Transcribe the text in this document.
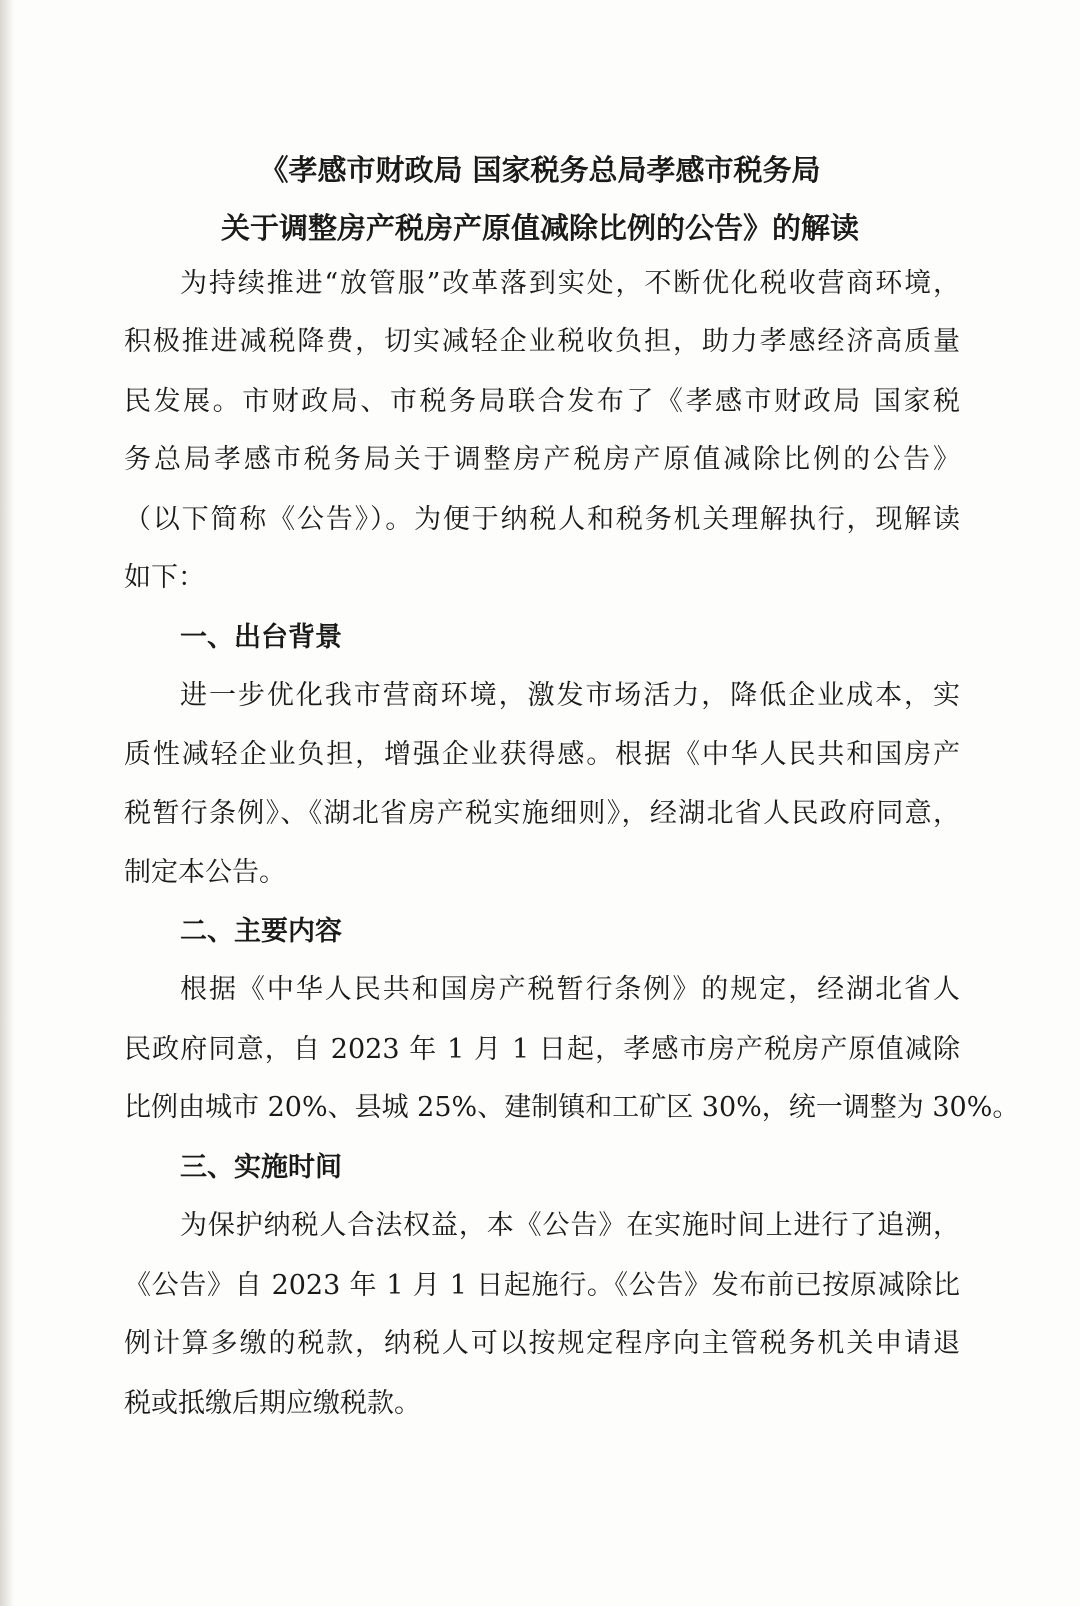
《孝感市财政局 国家税务总局孝感市税务局
关于调整房产税房产原值减除比例的公告》的解读
为持续推进“放管服”改革落到实处，不断优化税收营商环境，
积极推进减税降费，切实减轻企业税收负担，助力孝感经济高质量
民发展。市财政局、市税务局联合发布了《孝感市财政局 国家税
务总局孝感市税务局关于调整房产税房产原值减除比例的公告》
（以下简称《公告》）。为便于纳税人和税务机关理解执行，现解读
如下：
一、出台背景
进一步优化我市营商环境，激发市场活力，降低企业成本，实
质性减轻企业负担，增强企业获得感。根据《中华人民共和国房产
税暂行条例》、《湖北省房产税实施细则》，经湖北省人民政府同意，
制定本公告。
二、主要内容
根据《中华人民共和国房产税暂行条例》的规定，经湖北省人
民政府同意，自 2023 年 1 月 1 日起，孝感市房产税房产原值减除
比例由城市 20%、县城 25%、建制镇和工矿区 30%，统一调整为 30%。
三、实施时间
为保护纳税人合法权益，本《公告》在实施时间上进行了追溯，
《公告》自 2023 年 1 月 1 日起施行。《公告》发布前已按原减除比
例计算多缴的税款，纳税人可以按规定程序向主管税务机关申请退
税或抵缴后期应缴税款。
